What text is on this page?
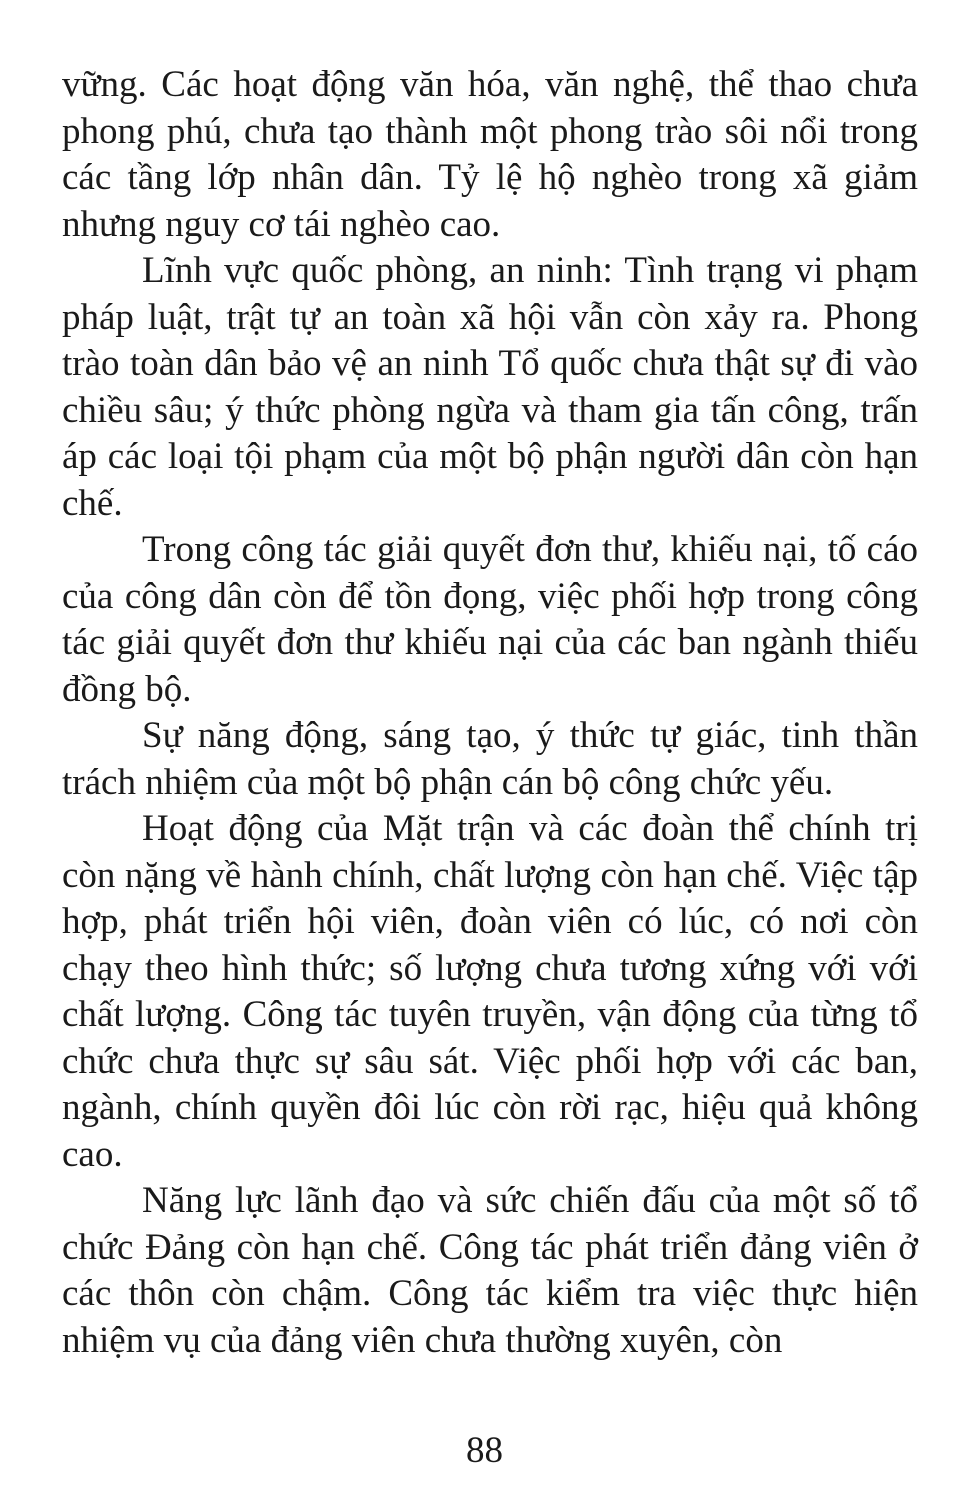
vững. Các hoạt động văn hóa, văn nghệ, thể thao chưa phong phú, chưa tạo thành một phong trào sôi nổi trong các tầng lớp nhân dân. Tỷ lệ hộ nghèo trong xã giảm nhưng nguy cơ tái nghèo cao.

Lĩnh vực quốc phòng, an ninh: Tình trạng vi phạm pháp luật, trật tự an toàn xã hội vẫn còn xảy ra. Phong trào toàn dân bảo vệ an ninh Tổ quốc chưa thật sự đi vào chiều sâu; ý thức phòng ngừa và tham gia tấn công, trấn áp các loại tội phạm của một bộ phận người dân còn hạn chế.

Trong công tác giải quyết đơn thư, khiếu nại, tố cáo của công dân còn để tồn đọng, việc phối hợp trong công tác giải quyết đơn thư khiếu nại của các ban ngành thiếu đồng bộ.

Sự năng động, sáng tạo, ý thức tự giác, tinh thần trách nhiệm của một bộ phận cán bộ công chức yếu.

Hoạt động của Mặt trận và các đoàn thể chính trị còn nặng về hành chính, chất lượng còn hạn chế. Việc tập hợp, phát triển hội viên, đoàn viên có lúc, có nơi còn chạy theo hình thức; số lượng chưa tương xứng với với chất lượng. Công tác tuyên truyền, vận động của từng tổ chức chưa thực sự sâu sát. Việc phối hợp với các ban, ngành, chính quyền đôi lúc còn rời rạc, hiệu quả không cao.

Năng lực lãnh đạo và sức chiến đấu của một số tổ chức Đảng còn hạn chế. Công tác phát triển đảng viên ở các thôn còn chậm. Công tác kiểm tra việc thực hiện nhiệm vụ của đảng viên chưa thường xuyên, còn

88
